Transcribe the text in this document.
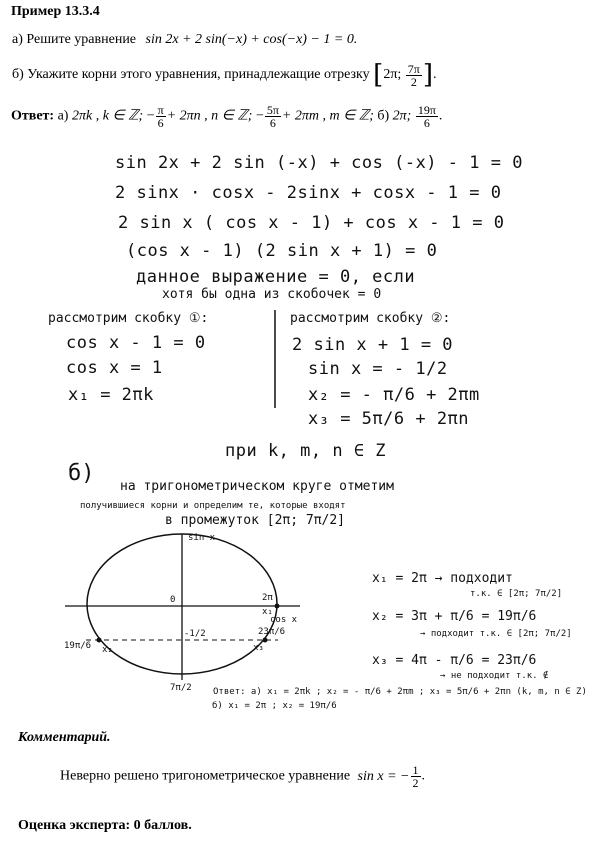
Пример 13.3.4
а) Решите уравнение sin 2x + 2 sin(−x) + cos(−x) − 1 = 0.
б) Укажите корни этого уравнения, принадлежащие отрезку [2π; $\frac{7\pi}{2}$ ].
Ответ: а) 2πk , k ∈ ℤ; − $\frac{\pi}{6} + 2\pi n$ , n ∈ ℤ; − $\frac{5\pi}{6} + 2\pi m$ , m ∈ ℤ; б) 2π; $\frac{19\pi}{6}$ .
sin 2x + 2 sin (-x) + cos (-x) - 1 = 0
2 sinx · cosx - 2sinx + cosx - 1 = 0
2 sin x ( cos x - 1) + cos x - 1 = 0
(cos x - 1) (2 sin x + 1) = 0
данное выражение = 0, если
хотя бы одна из скобочек = 0
рассмотрим скобку ①:	рассмотрим скобку ②:
cos x - 1 = 0
cos x = 1
x₁ = 2πk
2 sin x + 1 = 0
sin x = - 1/2
x₂ = - π/6 + 2πm
x₃ = 5π/6 + 2πn
при k, m, n ∈ Z
б)
на тригонометрическом круге отметим
получившиеся корни и определим те, которые входят
в промежуток [2π; 7π/2]
sin x
cos x
0	2π
x₁
x₃
23π/6
19π/6 x₂
7π/2
-1/2
x₁ = 2π → подходит
т.к. ∈ [2π; 7π/2]
x₂ = 3π + π/6 = 19π/6
→ подходит т.к. ∈ [2π; 7π/2]
x₃ = 4π - π/6 = 23π/6
→ не подходит т.к. ∉
Ответ: а) x₁ = 2πk ; x₂ = - π/6 + 2πm ; x₃ = 5π/6 + 2πn (k, m, n ∈ Z)
б) x₁ = 2π ; x₂ = 19π/6
Комментарий.
Неверно решено тригонометрическое уравнение sin x = − $\frac{1}{2}$ .
Оценка эксперта: 0 баллов.
